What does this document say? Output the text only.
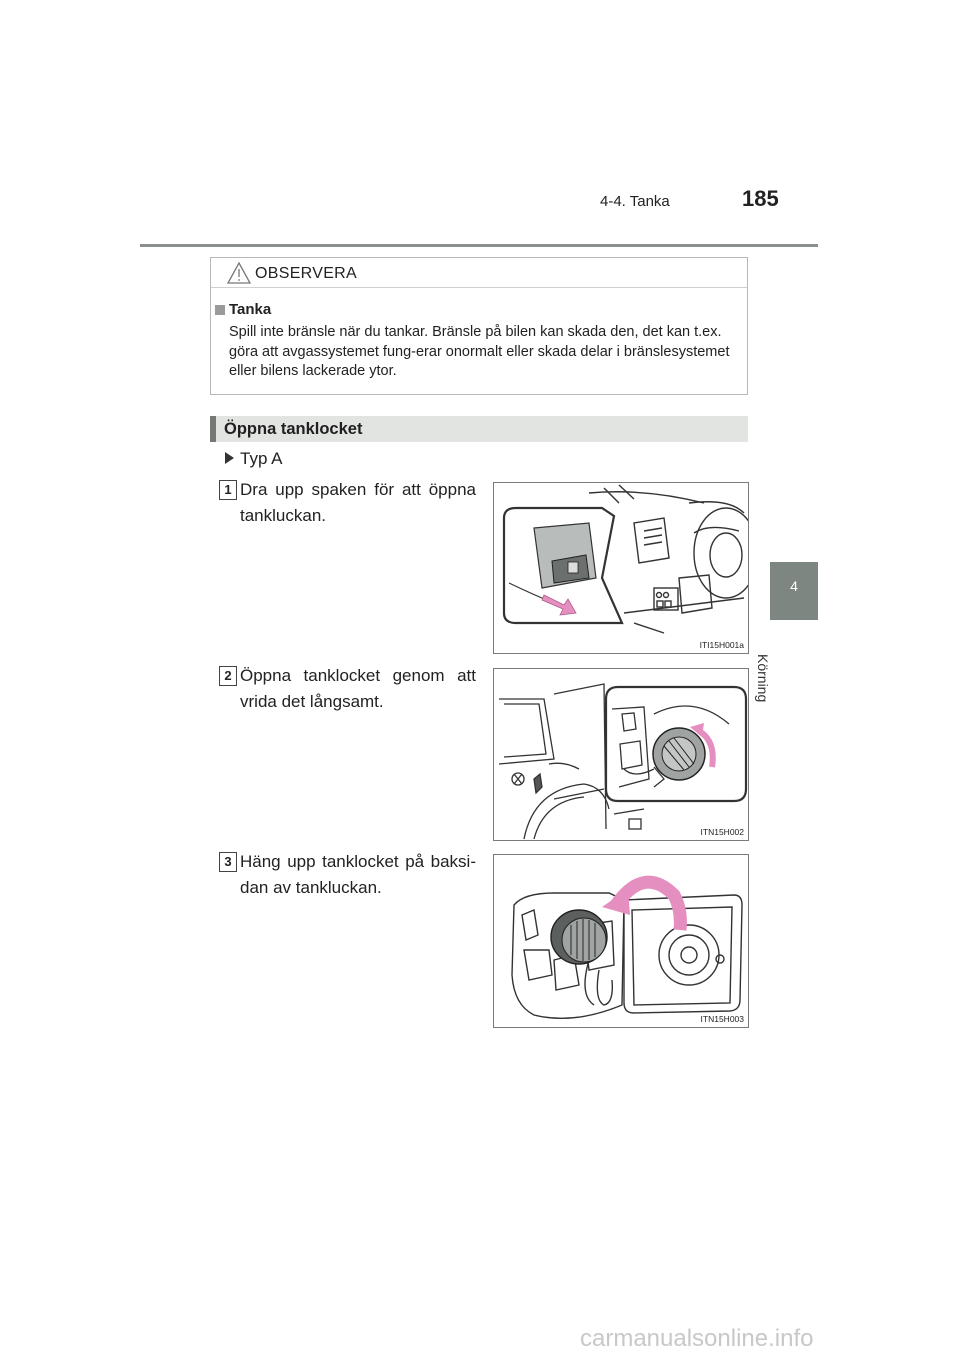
4-4. Tanka	185
4
Körning
OBSERVERA
Tanka
Spill inte bränsle när du tankar. Bränsle på bilen kan skada den, det kan t.ex. göra att avgassystemet fung-erar onormalt eller skada delar i bränslesystemet eller bilens lackerade ytor.
Öppna tanklocket
Typ A
1 Dra upp spaken för att öppna tankluckan.
ITI15H001a
2 Öppna tanklocket genom att vrida det långsamt.
ITN15H002
3 Häng upp tanklocket på baksi-dan av tankluckan.
ITN15H003
carmanualsonline.info
